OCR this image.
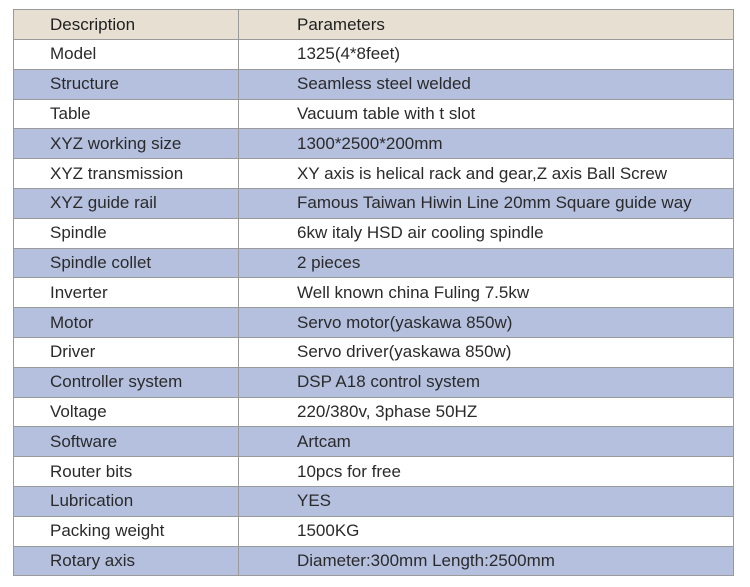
Description	Parameters
Model	1325(4*8feet)
Structure	Seamless steel welded
Table	Vacuum table with t slot
XYZ working size	1300*2500*200mm
XYZ transmission	XY axis is helical rack and gear,Z axis Ball Screw
XYZ guide rail	Famous Taiwan Hiwin Line 20mm Square guide way
Spindle	6kw italy HSD air cooling spindle
Spindle collet	2 pieces
Inverter	Well known china Fuling 7.5kw
Motor	Servo motor(yaskawa 850w)
Driver	Servo driver(yaskawa 850w)
Controller system	DSP A18 control system
Voltage	220/380v, 3phase 50HZ
Software	Artcam
Router bits	10pcs for free
Lubrication	YES
Packing weight	1500KG
Rotary axis	Diameter:300mm Length:2500mm
